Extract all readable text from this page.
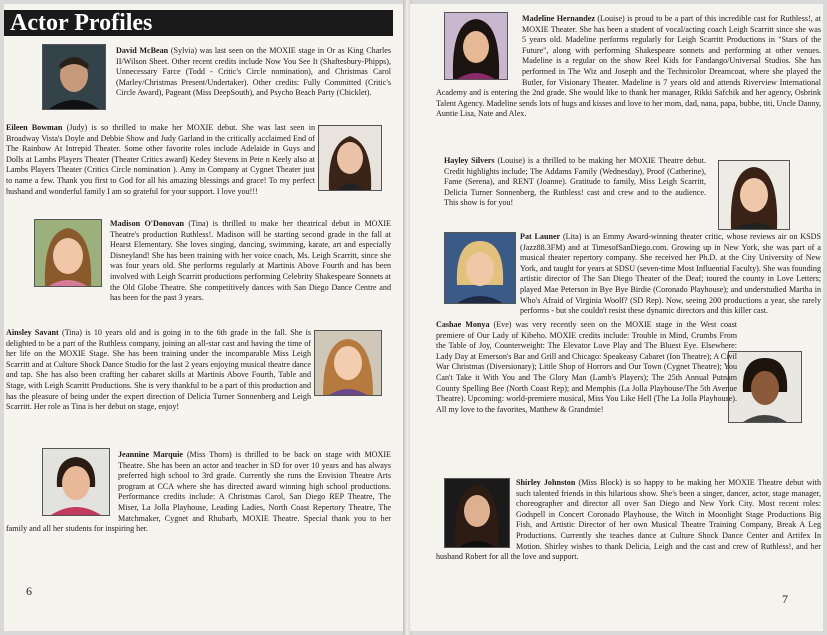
Actor Profiles

David McBean (Sylvia) was last seen on the MOXIE stage in Or as King Charles II/Wilson Sheet. Other recent credits include Now You See It (Shaftesbury-Phipps), Unnecessary Farce (Todd - Critic's Circle nomination), and Christmas Carol (Marley/Christmas Present/Undertaker). Other credits: Fully Committed (Critic's Circle Award), Pageant (Miss DeepSouth), and Psycho Beach Party (Chicklet).

Eileen Bowman (Judy) is so thrilled to make her MOXIE debut. She was last seen in Broadway Vista's Doyle and Debbie Show and Judy Garland in the critically acclaimed End of The Rainbow At Intrepid Theater. Some other favorite roles include Adelaide in Guys and Dolls at Lambs Players Theater (Theater Critics award) Kedey Stevens in Pete n Keely also at Lambs Players Theater (Critics Circle nomination ). Amy in Company at Cygnet Theater just to name a few. Thank you first to God for all his amazing blessings and grace! To my perfect husband and wonderful family I am so grateful for your support. I love you!!!

Madison O'Donovan (Tina) is thrilled to make her theatrical debut in MOXIE Theatre's production Ruthless!. Madison will be starting second grade in the fall at Hearst Elementary. She loves singing, dancing, swimming, karate, art and especially Disneyland! She has been training with her voice coach, Ms. Leigh Scarritt, since she was four years old. She performs regularly at Martinis Above Fourth and has been involved with Leigh Scarritt productions performing Celebrity Shakespeare Sonnets at the Old Globe Theatre. She competitively dances with San Diego Dance Centre and has been for the past 3 years.

Ainsley Savant (Tina) is 10 years old and is going in to the 6th grade in the fall. She is delighted to be a part of the Ruthless company, joining an all-star cast and having the time of her life on the MOXIE Stage. She has been training under the incomparable Miss Leigh Scarritt and at Culture Shock Dance Studio for the last 2 years enjoying musical theatre dance and tap. She has also been crafting her cabaret skills at Martinis Above Fourth, Table and Stage, with Leigh Scarritt Productions. She is very thankful to be a part of this production and has the pleasure of being under the expert direction of Delicia Turner Sonnenberg and Leigh Scarritt. Her role as Tina is her debut on stage, enjoy!

Jeannine Marquie (Miss Thorn) is thrilled to be back on stage with MOXIE Theatre. She has been an actor and teacher in SD for over 10 years and has always preferred high school to 3rd grade. Currently she runs the Envision Theatre Arts program at CCA where she has directed award winning high school productions. Performance credits include: A Christmas Carol, San Diego REP Theatre, The Miser, La Jolla Playhouse, Leading Ladies, North Coast Repertory Theatre, The Matchmaker, Cygnet and Rhubarb, MOXIE Theatre. Special thank you to her family and all her students for inspiring her.

6

Madeline Hernandez (Louise) is proud to be a part of this incredible cast for Ruthless!, at MOXIE Theater. She has been a student of vocal/acting coach Leigh Scarritt since she was 5 years old. Madeline performs regularly for Leigh Scarritt Productions in "Stars of the Future", along with performing Shakespeare sonnets and performing at other venues. Madeline is a regular on the show Reel Kids for Fandango/Universal Studios. She has performed in The Wiz and Joseph and the Technicolor Dreamcoat, where she played the Butler, for Visionary Theater. Madeline is 7 years old and attends Riverview International Academy and is entering the 2nd grade. She would like to thank her manager, Rikki Safchik and her agency, Osbrink Talent Agency. Madeline sends lots of hugs and kisses and love to her mom, dad, nana, papa, bubbe, titi, Uncle Danny, Auntie Lisa, Nate and Alex.

Hayley Silvers (Louise) is a thrilled to be making her MOXIE Theatre debut. Credit highlights include; The Addams Family (Wednesday), Proof (Catherine), Fame (Serena), and RENT (Joanne). Gratitude to family, Miss Leigh Scarritt, Delicia Turner Sonnenberg, the Ruthless! cast and crew and to the audience. This show is for you!

Pat Launer (Lita) is an Emmy Award-winning theater critic, whose reviews air on KSDS (Jazz88.3FM) and at TimesofSanDiego.com. Growing up in New York, she was part of a musical theater repertory company. She received her Ph.D. at the City University of New York, and taught for years at SDSU (seven-time Most Influential Faculty). She was founding artistic director of The San Diego Theater of the Deaf; toured the county in Love Letters; played Mae Peterson in Bye Bye Birdie (Coronado Playhouse); and understudied Martha in Who's Afraid of Virginia Woolf? (SD Rep). Now, seeing 200 productions a year, she rarely performs - but she couldn't resist these dynamic directors and this killer cast.

Cashae Monya (Eve) was very recently seen on the MOXIE stage in the West coast premiere of Our Lady of Kibeho. MOXIE credits include: Trouble in Mind, Crumbs From the Table of Joy, Counterweight: The Elevator Love Play and The Bluest Eye. Elsewhere: Lady Day at Emerson's Bar and Grill and Chicago: Speakeasy Cabaret (Ion Theatre); A Civil War Christmas (Diversionary); Little Shop of Horrors and Our Town (Cygnet Theatre); You Can't Take it With You and The Glory Man (Lamb's Players); The 25th Annual Putnam County Spelling Bee (North Coast Rep); and Memphis (La Jolla Playhouse/The 5th Avenue Theatre). Upcoming: world-premiere musical, Miss You Like Hell (The La Jolla Playhouse). All my love to the favorites, Matthew & Grandmie!

Shirley Johnston (Miss Block) is so happy to be making her MOXIE Theatre debut with such talented friends in this hilarious show. She's been a singer, dancer, actor, stage manager, choreographer and director all over San Diego and New York City. Most recent roles: Godspell in Concert Coronado Playhouse, the Witch in Moonlight Stage Productions Big Fish, and Artistic Director of her own Musical Theatre Training Company, Break A Leg Productions. Currently she teaches dance at Culture Shock Dance Center and Artifex In Motion. Shirley wishes to thank Delicia, Leigh and the cast and crew of Ruthless!, and her husband Robert for all the love and support.

7
